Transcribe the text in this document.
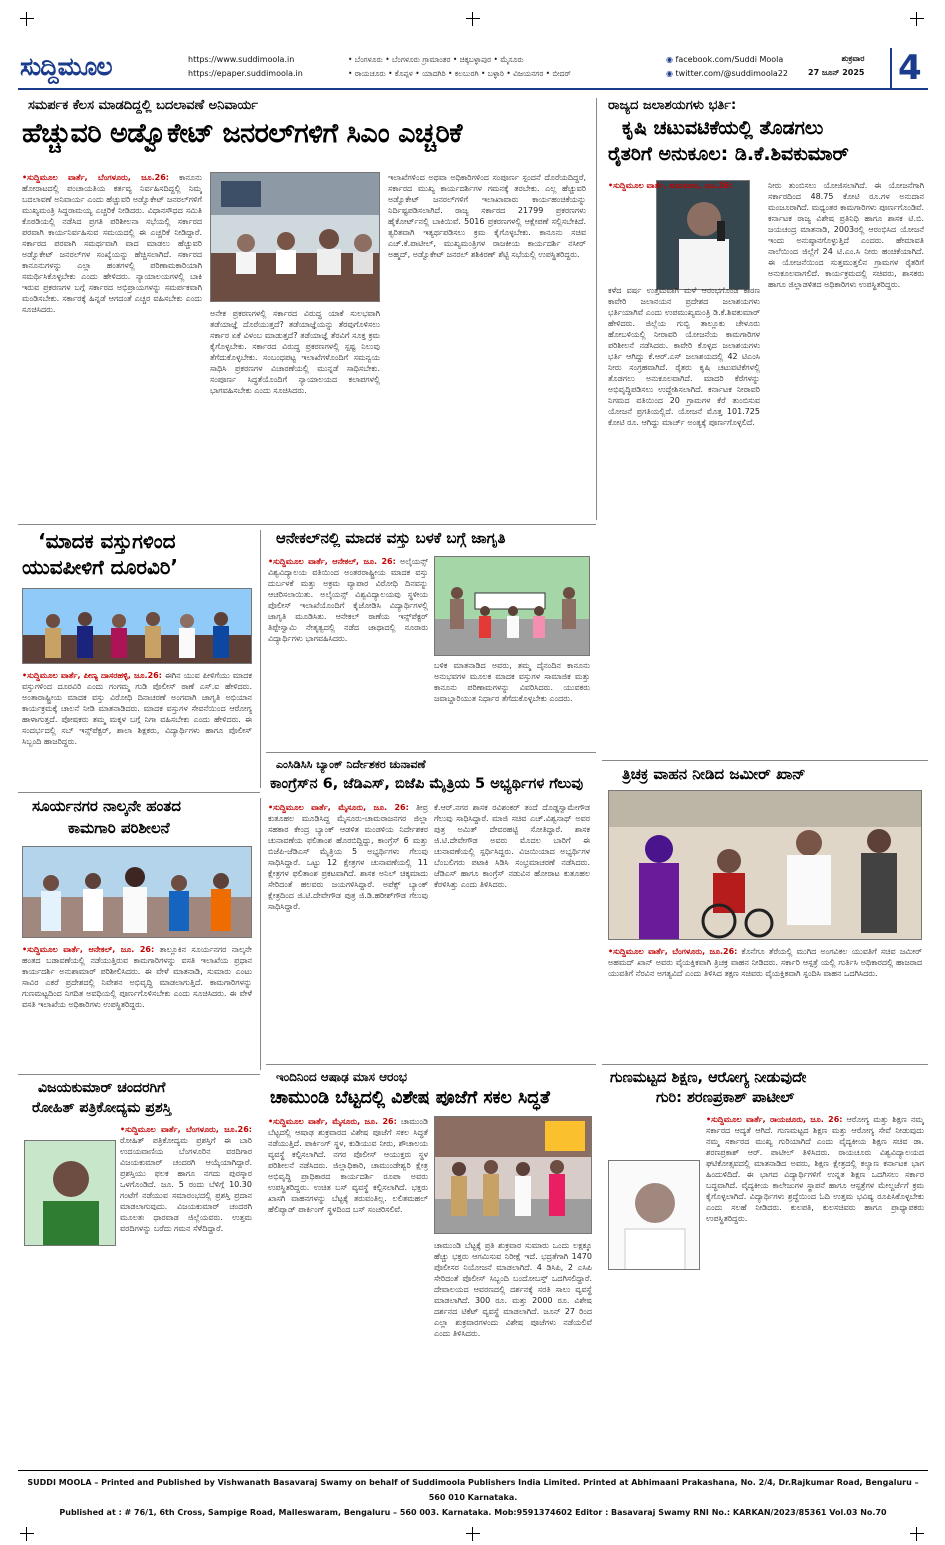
ಸುದ್ದಿಮೂಲ	https://www.suddimoola.in
https://epaper.suddimoola.in
• ಬೆಂಗಳೂರು • ಬೆಂಗಳೂರು ಗ್ರಾಮಾಂತರ • ಚಿಕ್ಕಬಳ್ಳಾಪುರ • ಮೈಸೂರು
• ರಾಯಚೂರು • ಕೊಪ್ಪಳ • ಯಾದಗಿರಿ • ಕಲಬುರಗಿ • ಬಳ್ಳಾರಿ • ವಿಜಯನಗರ • ಬೀದರ್
◉ facebook.com/Suddi Moola
◉ twitter.com/@suddimoola22
ಶುಕ್ರವಾರ
27 ಜೂನ್ 2025 4
ಸಮರ್ಪಕ ಕೆಲಸ ಮಾಡದಿದ್ದಲ್ಲಿ ಬದಲಾವಣೆ ಅನಿವಾರ್ಯ
ಹೆಚ್ಚುವರಿ ಅಡ್ವೊಕೇಟ್ ಜನರಲ್‌ಗಳಿಗೆ ಸಿಎಂ ಎಚ್ಚರಿಕೆ
•ಸುದ್ದಿಮೂಲ ವಾರ್ತೆ, ಬೆಂಗಳೂರು, ಜೂ.26: ಕಾನೂನು ಹೋರಾಟದಲ್ಲಿ ಪಂಚಾಯತಿಯ ಕರ್ತವ್ಯ ನಿರ್ವಹಿಸದಿದ್ದಲ್ಲಿ ನಿಮ್ಮ ಬದಲಾವಣೆ ಅನಿವಾರ್ಯ ಎಂದು ಹೆಚ್ಚುವರಿ ಅಡ್ವೊಕೇಟ್ ಜನರಲ್‌ಗಳಿಗೆ ಮುಖ್ಯಮಂತ್ರಿ ಸಿದ್ದರಾಮಯ್ಯ ಎಚ್ಚರಿಕೆ ನೀಡಿದರು. ವಿಧಾನಸೌಧದ ಸಮಿತಿ ಕೊಠಡಿಯಲ್ಲಿ ನಡೆಸಿದ ಪ್ರಗತಿ ಪರಿಶೀಲನಾ ಸಭೆಯಲ್ಲಿ ಸರ್ಕಾರದ ಪರವಾಗಿ ಕಾರ್ಯನಿರ್ವಹಿಸುವ ಸಮಯದಲ್ಲಿ ಈ ಎಚ್ಚರಿಕೆ ನೀಡಿದ್ದಾರೆ. ಸರ್ಕಾರದ ಪರವಾಗಿ ಸಮರ್ಥವಾಗಿ ವಾದ ಮಾಡಲು ಹೆಚ್ಚುವರಿ ಅಡ್ವೊಕೇಟ್ ಜನರಲ್‌ಗಳ ಸಂಖ್ಯೆಯನ್ನು ಹೆಚ್ಚಿಸಲಾಗಿದೆ. ಸರ್ಕಾರದ ಕಾನೂನುಗಳನ್ನು ಎಲ್ಲಾ ಹಂತಗಳಲ್ಲಿ ಪರಿಣಾಮಕಾರಿಯಾಗಿ ಸಮರ್ಥಿಸಿಕೊಳ್ಳಬೇಕು ಎಂದು ಹೇಳಿದರು. ನ್ಯಾಯಾಲಯಗಳಲ್ಲಿ ಬಾಕಿ ಇರುವ ಪ್ರಕರಣಗಳ ಬಗ್ಗೆ ಸರ್ಕಾರದ ಅಭಿಪ್ರಾಯಗಳನ್ನು ಸಮರ್ಪಕವಾಗಿ ಮಂಡಿಸಬೇಕು. ಸರ್ಕಾರಕ್ಕೆ ಹಿನ್ನಡೆ ಆಗದಂತೆ ಎಚ್ಚರ ವಹಿಸಬೇಕು ಎಂದು ಸೂಚಿಸಿದರು.	ಅನೇಕ ಪ್ರಕರಣಗಳಲ್ಲಿ ಸರ್ಕಾರದ ವಿರುದ್ಧ ಯಾಕೆ ಸುಲಭವಾಗಿ ತಡೆಯಾಜ್ಞೆ ದೊರೆಯುತ್ತದೆ? ತಡೆಯಾಜ್ಞೆಯನ್ನು ತೆರವುಗೊಳಿಸಲು ಸರ್ಕಾರ ಏಕೆ ವಿಳಂಬ ಮಾಡುತ್ತದೆ? ತಡೆಯಾಜ್ಞೆ ತೆರವಿಗೆ ಸೂಕ್ತ ಕ್ರಮ ಕೈಗೊಳ್ಳಬೇಕು. ಸರ್ಕಾರದ ವಿರುದ್ಧ ಪ್ರಕರಣಗಳಲ್ಲಿ ಸ್ಪಷ್ಟ ನಿಲುವು ತೆಗೆದುಕೊಳ್ಳಬೇಕು. ಸಂಬಂಧಪಟ್ಟ ಇಲಾಖೆಗಳೊಂದಿಗೆ ಸಮನ್ವಯ ಸಾಧಿಸಿ ಪ್ರಕರಣಗಳ ವಿಚಾರಣೆಯಲ್ಲಿ ಮುನ್ನಡೆ ಸಾಧಿಸಬೇಕು. ಸಂಪೂರ್ಣ ಸಿದ್ಧತೆಯೊಂದಿಗೆ ನ್ಯಾಯಾಲಯದ ಕಲಾಪಗಳಲ್ಲಿ ಭಾಗವಹಿಸಬೇಕು ಎಂದು ಸೂಚಿಸಿದರು.
ಇಲಾಖೆಗಳಿಂದ ಅಥವಾ ಅಧಿಕಾರಿಗಳಿಂದ ಸಂಪೂರ್ಣ ಸ್ಪಂದನೆ ದೊರೆಯದಿದ್ದರೆ, ಸರ್ಕಾರದ ಮುಖ್ಯ ಕಾರ್ಯದರ್ಶಿಗಳ ಗಮನಕ್ಕೆ ತರಬೇಕು. ಎಲ್ಲ ಹೆಚ್ಚುವರಿ ಅಡ್ವೊಕೇಟ್ ಜನರಲ್‌ಗಳಿಗೆ ಇಲಾಖಾವಾರು ಕಾರ್ಯಹಂಚಿಕೆಯನ್ನು ನಿರ್ದಿಷ್ಟಪಡಿಸಲಾಗಿದೆ. ರಾಜ್ಯ ಸರ್ಕಾರದ 21799 ಪ್ರಕರಣಗಳು ಹೈಕೋರ್ಟ್‌ನಲ್ಲಿ ಬಾಕಿಯಿವೆ. 5016 ಪ್ರಕರಣಗಳಲ್ಲಿ ಆಕ್ಷೇಪಣೆ ಸಲ್ಲಿಸಬೇಕಿದೆ. ತ್ವರಿತವಾಗಿ ಇತ್ಯರ್ಥಪಡಿಸಲು ಕ್ರಮ ಕೈಗೊಳ್ಳಬೇಕು. ಕಾನೂನು ಸಚಿವ ಎಚ್.ಕೆ.ಪಾಟೀಲ್, ಮುಖ್ಯಮಂತ್ರಿಗಳ ರಾಜಕೀಯ ಕಾರ್ಯದರ್ಶಿ ನಸೀರ್ ಅಹ್ಮದ್, ಅಡ್ವೊಕೇಟ್ ಜನರಲ್ ಶಶಿಕಿರಣ್ ಶೆಟ್ಟಿ ಸಭೆಯಲ್ಲಿ ಉಪಸ್ಥಿತರಿದ್ದರು.
ರಾಜ್ಯದ ಜಲಾಶಯಗಳು ಭರ್ತಿ:
ಕೃಷಿ ಚಟುವಟಿಕೆಯಲ್ಲಿ ತೊಡಗಲು
ರೈತರಿಗೆ ಅನುಕೂಲ: ಡಿ.ಕೆ.ಶಿವಕುಮಾರ್
•ಸುದ್ದಿಮೂಲ ವಾರ್ತೆ, ತುಮಕೂರು, ಜೂ.26:
ಕಳೆದ ವರ್ಷ ಉತ್ತಮವಾಗಿ ಮಳೆ ಆರಂಭಗೊಂಡ ಕಾರಣ ಕಾವೇರಿ ಜಲಾನಯನ ಪ್ರದೇಶದ ಜಲಾಶಯಗಳು ಭರ್ತಿಯಾಗಿವೆ ಎಂದು ಉಪಮುಖ್ಯಮಂತ್ರಿ ಡಿ.ಕೆ.ಶಿವಕುಮಾರ್ ಹೇಳಿದರು. ಜಿಲ್ಲೆಯ ಗುಬ್ಬಿ ತಾಲ್ಲೂಕು ಚೇಳೂರು ಹೋಬಳಿಯಲ್ಲಿ ನೀರಾವರಿ ಯೋಜನೆಯ ಕಾಮಗಾರಿಗಳ ಪರಿಶೀಲನೆ ನಡೆಸಿದರು. ಕಾವೇರಿ ಕೊಳ್ಳದ ಜಲಾಶಯಗಳು ಭರ್ತಿ ಆಗಿದ್ದು ಕೆ.ಆರ್.ಎಸ್ ಜಲಾಶಯದಲ್ಲಿ 42 ಟಿಎಂಸಿ ನೀರು ಸಂಗ್ರಹವಾಗಿದೆ. ರೈತರು ಕೃಷಿ ಚಟುವಟಿಕೆಗಳಲ್ಲಿ ತೊಡಗಲು ಅನುಕೂಲವಾಗಿದೆ. ಮಾದರಿ ಕೆರೆಗಳನ್ನು ಅಭಿವೃದ್ಧಿಪಡಿಸಲು ಉದ್ದೇಶಿಸಲಾಗಿದೆ. ಕರ್ನಾಟಕ ನೀರಾವರಿ ನಿಗಮದ ವತಿಯಿಂದ 20 ಗ್ರಾಮಗಳ ಕೆರೆ ತುಂಬಿಸುವ ಯೋಜನೆ ಪ್ರಗತಿಯಲ್ಲಿದೆ. ಯೋಜನೆ ಮೊತ್ತ 101.725 ಕೋಟಿ ರೂ. ಆಗಿದ್ದು ಮಾರ್ಚ್ ಅಂತ್ಯಕ್ಕೆ ಪೂರ್ಣಗೊಳ್ಳಲಿದೆ.
ನೀರು ತುಂಬಿಸಲು ಯೋಜಿಸಲಾಗಿದೆ. ಈ ಯೋಜನೆಗಾಗಿ ಸರ್ಕಾರದಿಂದ 48.75 ಕೋಟಿ ರೂ.ಗಳ ಅನುದಾನ ಮಂಜೂರಾಗಿದೆ. ಮಧ್ಯಂತರ ಕಾಮಗಾರಿಗಳು ಪೂರ್ಣಗೊಂಡಿವೆ. ಕರ್ನಾಟಕ ರಾಜ್ಯ ವಿಶೇಷ ಪ್ರತಿನಿಧಿ ಹಾಗೂ ಶಾಸಕ ಟಿ.ಬಿ. ಜಯಚಂದ್ರ ಮಾತನಾಡಿ, 2003ರಲ್ಲಿ ಆರಂಭಿಸಿದ ಯೋಜನೆ ಇಂದು ಅನುಷ್ಠಾನಗೊಳ್ಳುತ್ತಿದೆ ಎಂದರು. ಹೇಮಾವತಿ ನಾಲೆಯಿಂದ ಜಿಲ್ಲೆಗೆ 24 ಟಿ.ಎಂ.ಸಿ ನೀರು ಹಂಚಿಕೆಯಾಗಿದೆ. ಈ ಯೋಜನೆಯಿಂದ ಸುತ್ತಮುತ್ತಲಿನ ಗ್ರಾಮಗಳ ರೈತರಿಗೆ ಅನುಕೂಲವಾಗಲಿದೆ. ಕಾರ್ಯಕ್ರಮದಲ್ಲಿ ಸಚಿವರು, ಶಾಸಕರು ಹಾಗೂ ಜಿಲ್ಲಾಡಳಿತದ ಅಧಿಕಾರಿಗಳು ಉಪಸ್ಥಿತರಿದ್ದರು.
‘ಮಾದಕ ವಸ್ತುಗಳಿಂದ
ಯುವಪೀಳಿಗೆ ದೂರವಿರಿ’
•ಸುದ್ದಿಮೂಲ ವಾರ್ತೆ, ಪೀಣ್ಯ ದಾಸರಹಳ್ಳಿ, ಜೂ.26: ಈಗಿನ ಯುವ ಪೀಳಿಗೆಯು ಮಾದಕ ವಸ್ತುಗಳಿಂದ ದೂರವಿರಿ ಎಂದು ಗಂಗಮ್ಮ ಗುಡಿ ಪೊಲೀಸ್ ಠಾಣೆ ಎಸ್.ಐ ಹೇಳಿದರು. ಅಂತಾರಾಷ್ಟ್ರೀಯ ಮಾದಕ ವಸ್ತು ವಿರೋಧಿ ದಿನಾಚರಣೆ ಅಂಗವಾಗಿ ಜಾಗೃತಿ ಅಭಿಯಾನ ಕಾರ್ಯಕ್ರಮಕ್ಕೆ ಚಾಲನೆ ನೀಡಿ ಮಾತನಾಡಿದರು. ಮಾದಕ ವಸ್ತುಗಳ ಸೇವನೆಯಿಂದ ಆರೋಗ್ಯ ಹಾಳಾಗುತ್ತದೆ. ಪೋಷಕರು ತಮ್ಮ ಮಕ್ಕಳ ಬಗ್ಗೆ ನಿಗಾ ವಹಿಸಬೇಕು ಎಂದು ಹೇಳಿದರು. ಈ ಸಂದರ್ಭದಲ್ಲಿ ಸಬ್ ಇನ್ಸ್‌ಪೆಕ್ಟರ್, ಶಾಲಾ ಶಿಕ್ಷಕರು, ವಿದ್ಯಾರ್ಥಿಗಳು ಹಾಗೂ ಪೊಲೀಸ್ ಸಿಬ್ಬಂದಿ ಹಾಜರಿದ್ದರು.
ಆನೇಕಲ್‌ನಲ್ಲಿ ಮಾದಕ ವಸ್ತು ಬಳಕೆ ಬಗ್ಗೆ ಜಾಗೃತಿ
•ಸುದ್ದಿಮೂಲ ವಾರ್ತೆ, ಆನೇಕಲ್, ಜೂ. 26: ಅಲೈಯನ್ಸ್ ವಿಶ್ವವಿದ್ಯಾಲಯ ವತಿಯಿಂದ ಅಂತರರಾಷ್ಟ್ರೀಯ ಮಾದಕ ವಸ್ತು ದುರ್ಬಳಕೆ ಮತ್ತು ಅಕ್ರಮ ವ್ಯಾಪಾರ ವಿರೋಧಿ ದಿನವನ್ನು ಆಚರಿಸಲಾಯಿತು. ಅಲೈಯನ್ಸ್ ವಿಶ್ವವಿದ್ಯಾಲಯವು ಸ್ಥಳೀಯ ಪೊಲೀಸ್ ಇಲಾಖೆಯೊಂದಿಗೆ ಕೈಜೋಡಿಸಿ ವಿದ್ಯಾರ್ಥಿಗಳಲ್ಲಿ ಜಾಗೃತಿ ಮೂಡಿಸಿತು. ಆನೇಕಲ್ ಠಾಣೆಯ ಇನ್ಸ್‌ಪೆಕ್ಟರ್ ತಿಪ್ಪೇಸ್ವಾಮಿ ನೇತೃತ್ವದಲ್ಲಿ ನಡೆದ ಜಾಥಾದಲ್ಲಿ ನೂರಾರು ವಿದ್ಯಾರ್ಥಿಗಳು ಭಾಗವಹಿಸಿದರು.
ಬಳಿಕ ಮಾತನಾಡಿದ ಅವರು, ತಮ್ಮ ದೈನಂದಿನ ಕಾನೂನು ಅನುಭವಗಳ ಮೂಲಕ ಮಾದಕ ವಸ್ತುಗಳ ಸಾಮಾಜಿಕ ಮತ್ತು ಕಾನೂನು ಪರಿಣಾಮಗಳನ್ನು ವಿವರಿಸಿದರು. ಯುವಕರು ಜವಾಬ್ದಾರಿಯುತ ನಿರ್ಧಾರ ತೆಗೆದುಕೊಳ್ಳಬೇಕು ಎಂದರು.
ಎಂಸಿಡಿಸಿಸಿ ಬ್ಯಾಂಕ್ ನಿರ್ದೇಶಕರ ಚುನಾವಣೆ
ಕಾಂಗ್ರೆಸ್‌ನ 6, ಜೆಡಿಎಸ್, ಬಿಜೆಪಿ ಮೈತ್ರಿಯ 5 ಅಭ್ಯರ್ಥಿಗಳ ಗೆಲುವು
•ಸುದ್ದಿಮೂಲ ವಾರ್ತೆ, ಮೈಸೂರು, ಜೂ. 26: ತೀವ್ರ ಕುತೂಹಲ ಮೂಡಿಸಿದ್ದ ಮೈಸೂರು-ಚಾಮರಾಜನಗರ ಜಿಲ್ಲಾ ಸಹಕಾರ ಕೇಂದ್ರ ಬ್ಯಾಂಕ್ ಆಡಳಿತ ಮಂಡಳಿಯ ನಿರ್ದೇಶಕರ ಚುನಾವಣೆಯ ಫಲಿತಾಂಶ ಹೊರಬಿದ್ದಿದ್ದು, ಕಾಂಗ್ರೆಸ್ 6 ಮತ್ತು ಬಿಜೆಪಿ-ಜೆಡಿಎಸ್ ಮೈತ್ರಿಯ 5 ಅಭ್ಯರ್ಥಿಗಳು ಗೆಲುವು ಸಾಧಿಸಿದ್ದಾರೆ. ಒಟ್ಟು 12 ಕ್ಷೇತ್ರಗಳ ಚುನಾವಣೆಯಲ್ಲಿ 11 ಕ್ಷೇತ್ರಗಳ ಫಲಿತಾಂಶ ಪ್ರಕಟವಾಗಿದೆ. ಶಾಸಕ ಅನಿಲ್ ಚಿಕ್ಕಮಾದು ಸೇರಿದಂತೆ ಹಲವರು ಜಯಗಳಿಸಿದ್ದಾರೆ. ಅಪೆಕ್ಸ್ ಬ್ಯಾಂಕ್ ಕ್ಷೇತ್ರದಿಂದ ಜಿ.ಟಿ.ದೇವೇಗೌಡ ಪುತ್ರ ಜಿ.ಡಿ.ಹರೀಶ್‌ಗೌಡ ಗೆಲುವು ಸಾಧಿಸಿದ್ದಾರೆ.
ಕೆ.ಆರ್.ನಗರ ಶಾಸಕ ರವಿಶಂಕರ್ ತಂದೆ ದೊಡ್ಡಸ್ವಾಮೇಗೌಡ ಗೆಲುವು ಸಾಧಿಸಿದ್ದಾರೆ. ಮಾಜಿ ಸಚಿವ ಎಚ್.ವಿಶ್ವನಾಥ್ ಅವರ ಪುತ್ರ ಅಮಿತ್ ದೇವರಹಟ್ಟಿ ಸೋತಿದ್ದಾರೆ. ಶಾಸಕ ಜಿ.ಟಿ.ದೇವೇಗೌಡ ಅವರು ಮೊದಲ ಬಾರಿಗೆ ಈ ಚುನಾವಣೆಯಲ್ಲಿ ಸ್ಪರ್ಧಿಸಿದ್ದರು. ವಿಜಯಿಯಾದ ಅಭ್ಯರ್ಥಿಗಳ ಬೆಂಬಲಿಗರು ಪಟಾಕಿ ಸಿಡಿಸಿ ಸಂಭ್ರಮಾಚರಣೆ ನಡೆಸಿದರು. ಜೆಡಿಎಸ್ ಹಾಗೂ ಕಾಂಗ್ರೆಸ್ ನಡುವಿನ ಹೋರಾಟ ಕುತೂಹಲ ಕೆರಳಿಸಿತ್ತು ಎಂದು ತಿಳಿಸಿದರು.
ತ್ರಿಚಕ್ರ ವಾಹನ ನೀಡಿದ ಜಮೀರ್ ಖಾನ್
•ಸುದ್ದಿಮೂಲ ವಾರ್ತೆ, ಬೆಂಗಳೂರು, ಜೂ.26: ಕೊನೆಗೂ ತೆರೆಯಲ್ಲಿ ಮುಗಿದ ಅಂಗವಿಕಲ ಯುವತಿಗೆ ಸಚಿವ ಜಮೀರ್ ಅಹಮದ್ ಖಾನ್ ಅವರು ವೈಯಕ್ತಿಕವಾಗಿ ತ್ರಿಚಕ್ರ ವಾಹನ ನೀಡಿದರು. ಸರ್ಕಾರಿ ಆಸ್ಪತ್ರೆ ಯಲ್ಲಿ ಗುರ್ತಿಸಿ ಅಧಿಕಾರದಲ್ಲಿ ಹಾಜರಾದ ಯುವತಿಗೆ ನೆರವಿನ ಅಗತ್ಯವಿದೆ ಎಂದು ತಿಳಿಸಿದ ತಕ್ಷಣ ಸಚಿವರು ವೈಯಕ್ತಿಕವಾಗಿ ಸ್ಪಂದಿಸಿ ವಾಹನ ಒದಗಿಸಿದರು.
ಸೂರ್ಯನಗರ ನಾಲ್ಕನೇ ಹಂತದ
ಕಾಮಗಾರಿ ಪರಿಶೀಲನೆ
•ಸುದ್ದಿಮೂಲ ವಾರ್ತೆ, ಆನೇಕಲ್, ಜೂ. 26: ತಾಲ್ಲೂಕಿನ ಸೂರ್ಯನಗರ ನಾಲ್ಕನೇ ಹಂತದ ಬಡಾವಣೆಯಲ್ಲಿ ನಡೆಯುತ್ತಿರುವ ಕಾಮಗಾರಿಗಳನ್ನು ವಸತಿ ಇಲಾಖೆಯ ಪ್ರಧಾನ ಕಾರ್ಯದರ್ಶಿ ಅನುಶಾಮಾರ್ ಪರಿಶೀಲಿಸಿದರು. ಈ ವೇಳೆ ಮಾತನಾಡಿ, ಸುಮಾರು ಎಂಟು ಸಾವಿರ ಎಕರೆ ಪ್ರದೇಶದಲ್ಲಿ ನಿವೇಶನ ಅಭಿವೃದ್ಧಿ ಮಾಡಲಾಗುತ್ತಿದೆ. ಕಾಮಗಾರಿಗಳನ್ನು ಗುಣಮಟ್ಟದಿಂದ ನಿಗದಿತ ಅವಧಿಯಲ್ಲಿ ಪೂರ್ಣಗೊಳಿಸಬೇಕು ಎಂದು ಸೂಚಿಸಿದರು. ಈ ವೇಳೆ ವಸತಿ ಇಲಾಖೆಯ ಅಧಿಕಾರಿಗಳು ಉಪಸ್ಥಿತರಿದ್ದರು.
ಇಂದಿನಿಂದ ಆಷಾಢ ಮಾಸ ಆರಂಭ
ಚಾಮುಂಡಿ ಬೆಟ್ಟದಲ್ಲಿ ವಿಶೇಷ ಪೂಜೆಗೆ ಸಕಲ ಸಿದ್ಧತೆ
•ಸುದ್ದಿಮೂಲ ವಾರ್ತೆ, ಮೈಸೂರು, ಜೂ. 26: ಚಾಮುಂಡಿ ಬೆಟ್ಟದಲ್ಲಿ ಆಷಾಢ ಶುಕ್ರವಾರದ ವಿಶೇಷ ಪೂಜೆಗೆ ಸಕಲ ಸಿದ್ಧತೆ ನಡೆಯುತ್ತಿದೆ. ಪಾರ್ಕಿಂಗ್ ಸ್ಥಳ, ಕುಡಿಯುವ ನೀರು, ಶೌಚಾಲಯ ವ್ಯವಸ್ಥೆ ಕಲ್ಪಿಸಲಾಗಿದೆ. ನಗರ ಪೊಲೀಸ್ ಆಯುಕ್ತರು ಸ್ಥಳ ಪರಿಶೀಲನೆ ನಡೆಸಿದರು. ಜಿಲ್ಲಾಧಿಕಾರಿ, ಚಾಮುಂಡೇಶ್ವರಿ ಕ್ಷೇತ್ರ ಅಭಿವೃದ್ಧಿ ಪ್ರಾಧಿಕಾರದ ಕಾರ್ಯದರ್ಶಿ ರೂಪಾ ಅವರು ಉಪಸ್ಥಿತರಿದ್ದರು. ಉಚಿತ ಬಸ್ ವ್ಯವಸ್ಥೆ ಕಲ್ಪಿಸಲಾಗಿದೆ. ಭಕ್ತರು ಖಾಸಗಿ ವಾಹನಗಳನ್ನು ಬೆಟ್ಟಕ್ಕೆ ತರುವಂತಿಲ್ಲ. ಲಲಿತಮಹಲ್ ಹೆಲಿಪ್ಯಾಡ್ ಪಾರ್ಕಿಂಗ್ ಸ್ಥಳದಿಂದ ಬಸ್ ಸಂಚರಿಸಲಿವೆ.
ಚಾಮುಂಡಿ ಬೆಟ್ಟಕ್ಕೆ ಪ್ರತಿ ಶುಕ್ರವಾರ ಸುಮಾರು ಒಂದು ಲಕ್ಷಕ್ಕೂ ಹೆಚ್ಚು ಭಕ್ತರು ಆಗಮಿಸುವ ನಿರೀಕ್ಷೆ ಇದೆ. ಭದ್ರತೆಗಾಗಿ 1470 ಪೊಲೀಸರ ನಿಯೋಜನೆ ಮಾಡಲಾಗಿದೆ. 4 ಡಿಸಿಪಿ, 2 ಎಸಿಪಿ ಸೇರಿದಂತೆ ಪೊಲೀಸ್ ಸಿಬ್ಬಂದಿ ಬಂದೋಬಸ್ತ್ ಒದಗಿಸಲಿದ್ದಾರೆ. ದೇವಾಲಯದ ಆವರಣದಲ್ಲಿ ದರ್ಶನಕ್ಕೆ ಸರತಿ ಸಾಲು ವ್ಯವಸ್ಥೆ ಮಾಡಲಾಗಿದೆ. 300 ರೂ. ಮತ್ತು 2000 ರೂ. ವಿಶೇಷ ದರ್ಶನದ ಟಿಕೆಟ್ ವ್ಯವಸ್ಥೆ ಮಾಡಲಾಗಿದೆ. ಜೂನ್ 27 ರಿಂದ ಎಲ್ಲಾ ಶುಕ್ರವಾರಗಳಂದು ವಿಶೇಷ ಪೂಜೆಗಳು ನಡೆಯಲಿವೆ ಎಂದು ತಿಳಿಸಿದರು.
ವಿಜಯಕುಮಾರ್ ಚಂದರಗಿಗೆ
ರೋಹಿತ್ ಪತ್ರಿಕೋದ್ಯಮ ಪ್ರಶಸ್ತಿ
•ಸುದ್ದಿಮೂಲ ವಾರ್ತೆ, ಬೆಂಗಳೂರು, ಜೂ.26:
ರೋಹಿತ್ ಪತ್ರಿಕೋದ್ಯಮ ಪ್ರಶಸ್ತಿಗೆ ಈ ಬಾರಿ ಉದಯವಾಣಿಯ ಬೆಂಗಳೂರಿನ ವರದಿಗಾರ ವಿಜಯಕುಮಾರ್ ಚಂದರಗಿ ಆಯ್ಕೆಯಾಗಿದ್ದಾರೆ. ಪ್ರಶಸ್ತಿಯು ಫಲಕ ಹಾಗೂ ನಗದು ಪುರಸ್ಕಾರ ಒಳಗೊಂಡಿದೆ. ಜೂ. 5 ರಂದು ಬೆಳಿಗ್ಗೆ 10.30 ಗಂಟೆಗೆ ನಡೆಯುವ ಸಮಾರಂಭದಲ್ಲಿ ಪ್ರಶಸ್ತಿ ಪ್ರದಾನ ಮಾಡಲಾಗುವುದು. ವಿಜಯಕುಮಾರ್ ಚಂದರಗಿ ಮೂಲತಃ ಧಾರವಾಡ ಜಿಲ್ಲೆಯವರು. ಉತ್ತಮ ವರದಿಗಳನ್ನು ಬರೆದು ಗಮನ ಸೆಳೆದಿದ್ದಾರೆ.
ಗುಣಮಟ್ಟದ ಶಿಕ್ಷಣ, ಆರೋಗ್ಯ ನೀಡುವುದೇ
ಗುರಿ: ಶರಣಪ್ರಕಾಶ್ ಪಾಟೀಲ್
•ಸುದ್ದಿಮೂಲ ವಾರ್ತೆ, ರಾಯಚೂರು, ಜೂ. 26: ಆರೋಗ್ಯ ಮತ್ತು ಶಿಕ್ಷಣ ನಮ್ಮ ಸರ್ಕಾರದ ಆದ್ಯತೆ ಆಗಿದೆ. ಗುಣಮಟ್ಟದ ಶಿಕ್ಷಣ ಮತ್ತು ಆರೋಗ್ಯ ಸೇವೆ ನೀಡುವುದು ನಮ್ಮ ಸರ್ಕಾರದ ಮುಖ್ಯ ಗುರಿಯಾಗಿದೆ ಎಂದು ವೈದ್ಯಕೀಯ ಶಿಕ್ಷಣ ಸಚಿವ ಡಾ. ಶರಣಪ್ರಕಾಶ್ ಆರ್. ಪಾಟೀಲ್ ತಿಳಿಸಿದರು. ರಾಯಚೂರು ವಿಶ್ವವಿದ್ಯಾಲಯದ ಘಟಿಕೋತ್ಸವದಲ್ಲಿ ಮಾತನಾಡಿದ ಅವರು, ಶಿಕ್ಷಣ ಕ್ಷೇತ್ರದಲ್ಲಿ ಕಲ್ಯಾಣ ಕರ್ನಾಟಕ ಭಾಗ ಹಿಂದುಳಿದಿದೆ. ಈ ಭಾಗದ ವಿದ್ಯಾರ್ಥಿಗಳಿಗೆ ಉನ್ನತ ಶಿಕ್ಷಣ ಒದಗಿಸಲು ಸರ್ಕಾರ ಬದ್ಧವಾಗಿದೆ. ವೈದ್ಯಕೀಯ ಕಾಲೇಜುಗಳ ಸ್ಥಾಪನೆ ಹಾಗೂ ಆಸ್ಪತ್ರೆಗಳ ಮೇಲ್ದರ್ಜೆಗೆ ಕ್ರಮ ಕೈಗೊಳ್ಳಲಾಗಿದೆ. ವಿದ್ಯಾರ್ಥಿಗಳು ಶ್ರದ್ಧೆಯಿಂದ ಓದಿ ಉತ್ತಮ ಭವಿಷ್ಯ ರೂಪಿಸಿಕೊಳ್ಳಬೇಕು ಎಂದು ಸಲಹೆ ನೀಡಿದರು. ಕುಲಪತಿ, ಕುಲಸಚಿವರು ಹಾಗೂ ಪ್ರಾಧ್ಯಾಪಕರು ಉಪಸ್ಥಿತರಿದ್ದರು.
SUDDI MOOLA – Printed and Published by Vishwanath Basavaraj Swamy on behalf of Suddimoola Publishers India Limited. Printed at Abhimaani Prakashana, No. 2/4, Dr.Rajkumar Road, Bengaluru – 560 010 Karnataka.
Published at : # 76/1, 6th Cross, Sampige Road, Malleswaram, Bengaluru – 560 003. Karnataka. Mob:9591374602 Editor : Basavaraj Swamy RNI No.: KARKAN/2023/85361 Vol.03 No.70
